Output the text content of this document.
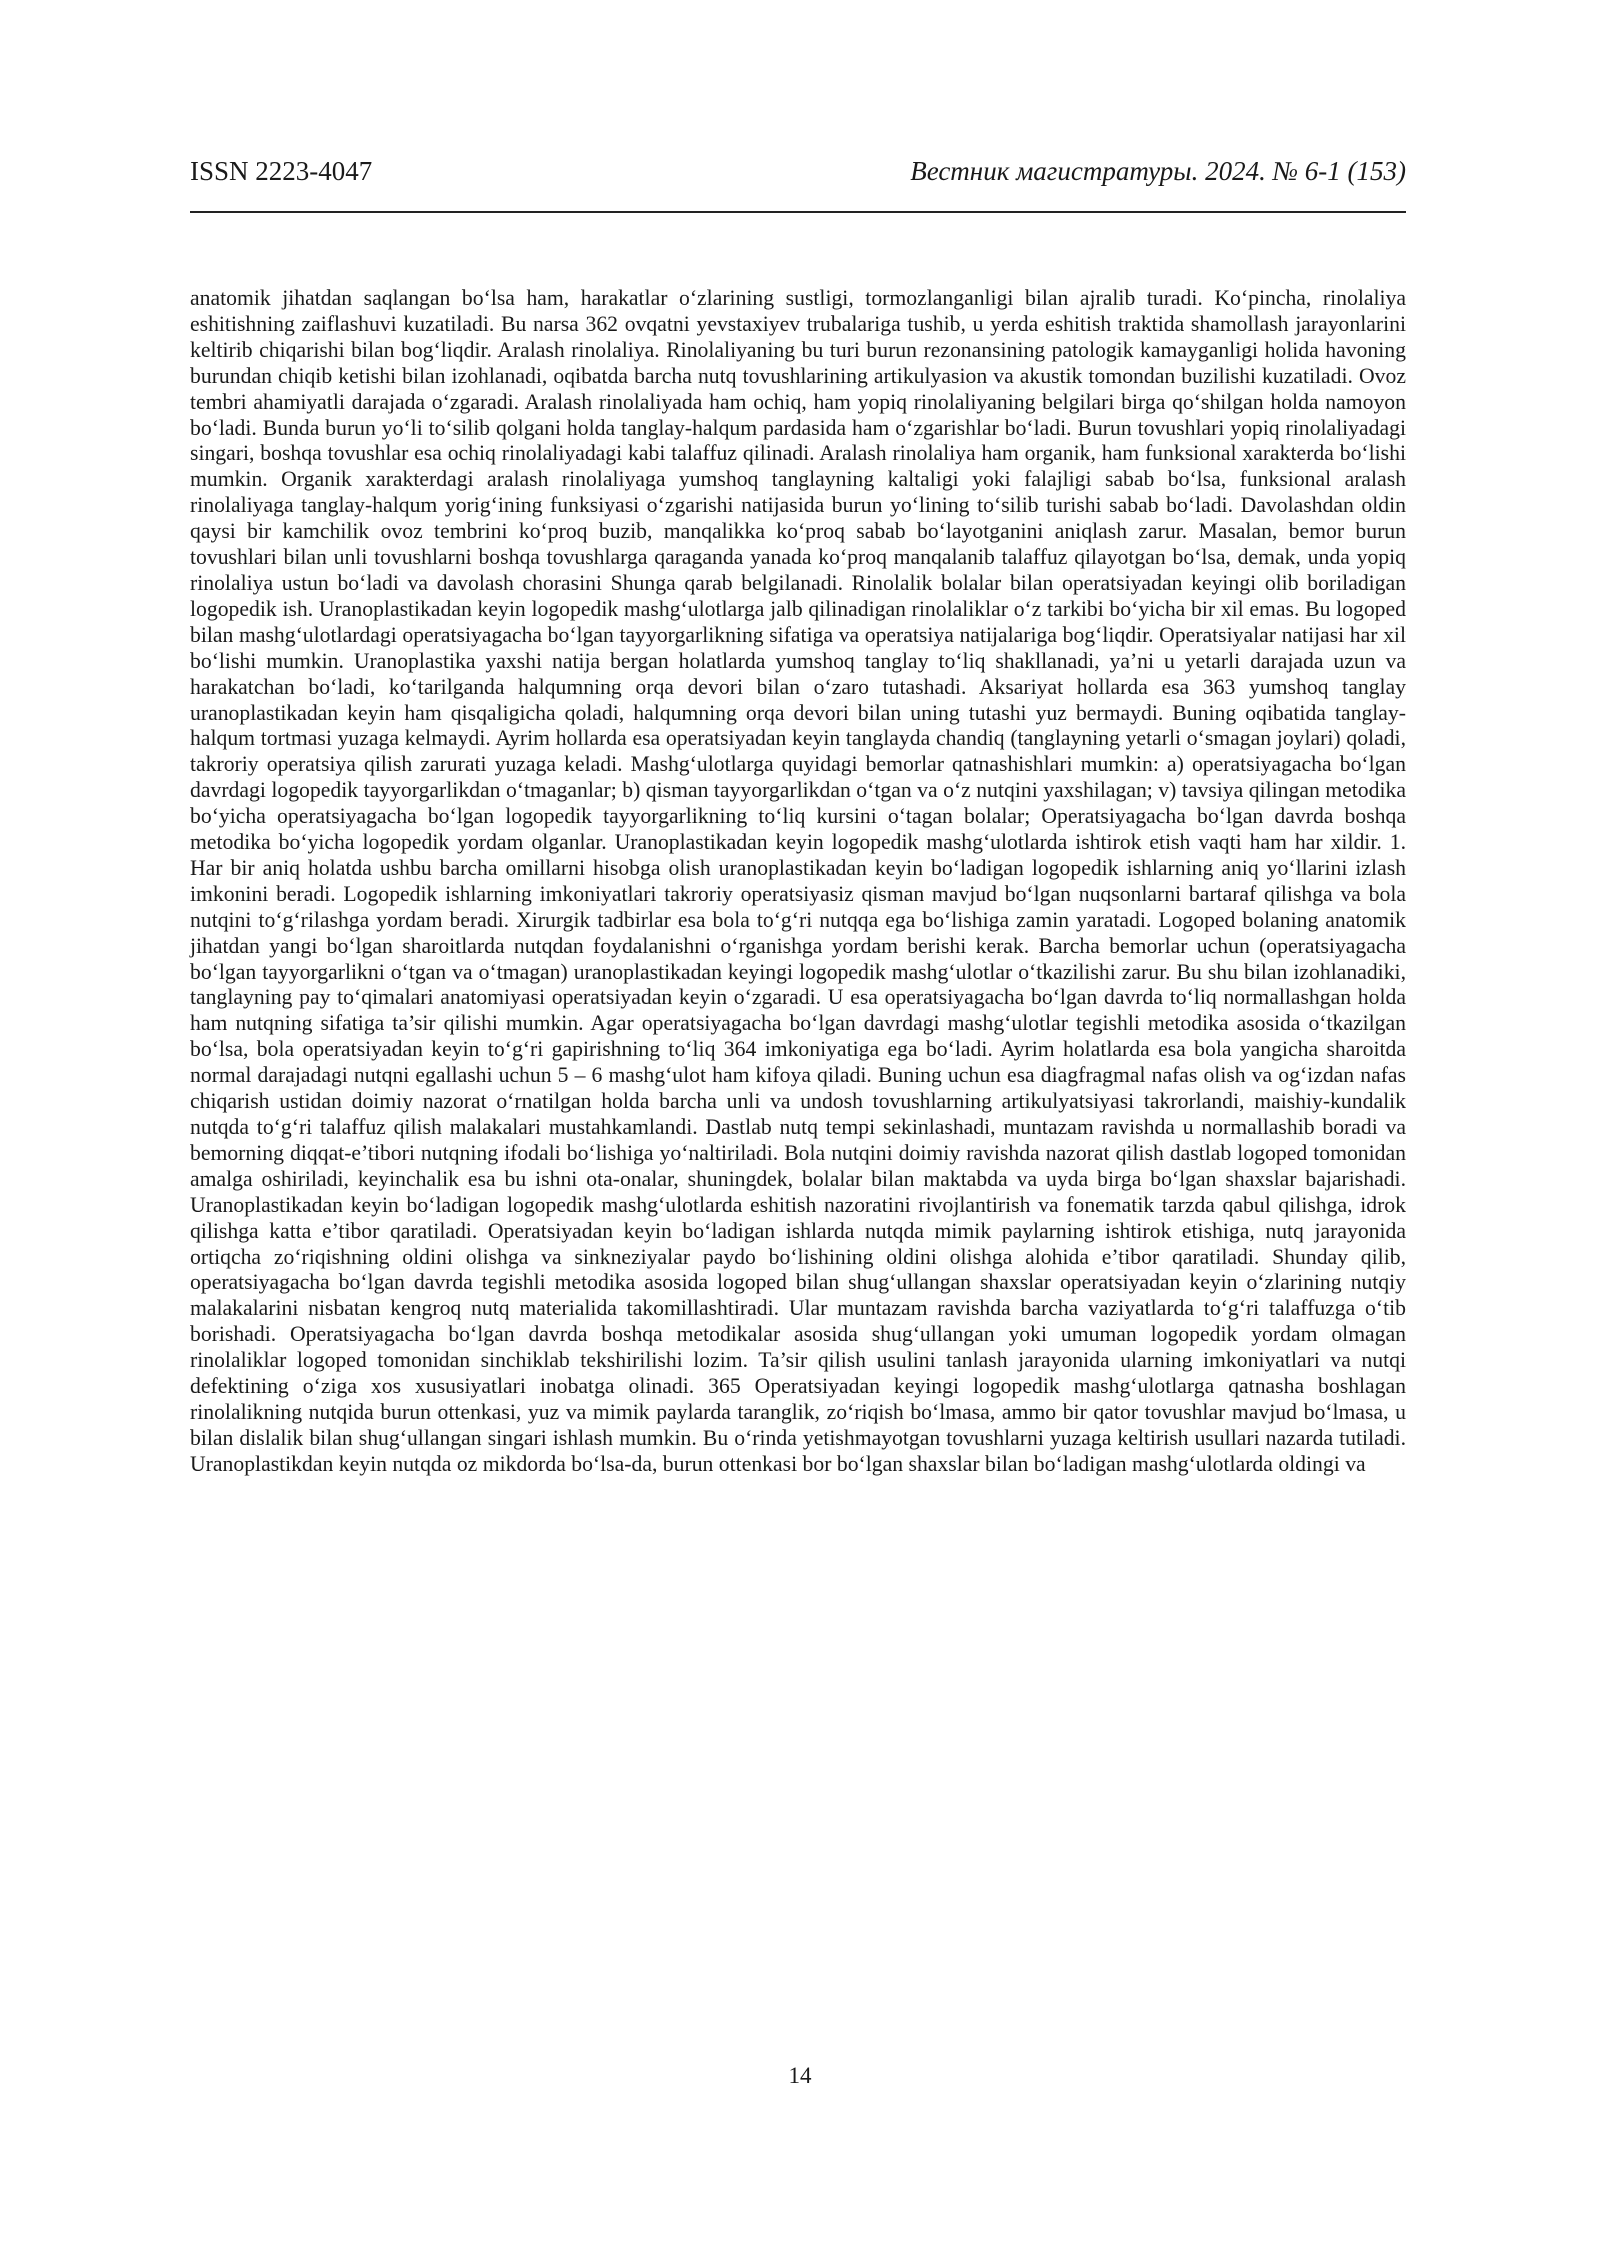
ISSN 2223-4047	Вестник магистратуры. 2024. № 6-1 (153)

anatomik jihatdan saqlangan bo‘lsa ham, harakatlar o‘zlarining sustligi, tormozlanganligi bilan ajralib turadi. Ko‘pincha, rinolaliya eshitishning zaiflashuvi kuzatiladi. Bu narsa 362 ovqatni yevstaxiyev trubalariga tushib, u yerda eshitish traktida shamollash jarayonlarini keltirib chiqarishi bilan bog‘liqdir. Aralash rinolaliya. Rinolaliyaning bu turi burun rezonansining patologik kamayganligi holida havoning burundan chiqib ketishi bilan izohlanadi, oqibatda barcha nutq tovushlarining artikulyasion va akustik tomondan buzilishi kuzatiladi. Ovoz tembri ahamiyatli darajada o‘zgaradi. Aralash rinolaliyada ham ochiq, ham yopiq rinolaliyaning belgilari birga qo‘shilgan holda namoyon bo‘ladi. Bunda burun yo‘li to‘silib qolgani holda tanglay-halqum pardasida ham o‘zgarishlar bo‘ladi. Burun tovushlari yopiq rinolaliyadagi singari, boshqa tovushlar esa ochiq rinolaliyadagi kabi talaffuz qilinadi. Aralash rinolaliya ham organik, ham funksional xarakterda bo‘lishi mumkin. Organik xarakterdagi aralash rinolaliyaga yumshoq tanglayning kaltaligi yoki falajligi sabab bo‘lsa, funksional aralash rinolaliyaga tanglay-halqum yorig‘ining funksiyasi o‘zgarishi natijasida burun yo‘lining to‘silib turishi sabab bo‘ladi. Davolashdan oldin qaysi bir kamchilik ovoz tembrini ko‘proq buzib, manqalikka ko‘proq sabab bo‘layotganini aniqlash zarur. Masalan, bemor burun tovushlari bilan unli tovushlarni boshqa tovushlarga qaraganda yanada ko‘proq manqalanib talaffuz qilayotgan bo‘lsa, demak, unda yopiq rinolaliya ustun bo‘ladi va davolash chorasini Shunga qarab belgilanadi. Rinolalik bolalar bilan operatsiyadan keyingi olib boriladigan logopedik ish. Uranoplastikadan keyin logopedik mashg‘ulotlarga jalb qilinadigan rinolaliklar o‘z tarkibi bo‘yicha bir xil emas. Bu logoped bilan mashg‘ulotlardagi operatsiyagacha bo‘lgan tayyorgarlikning sifatiga va operatsiya natijalariga bog‘liqdir. Operatsiyalar natijasi har xil bo‘lishi mumkin. Uranoplastika yaxshi natija bergan holatlarda yumshoq tanglay to‘liq shakllanadi, ya’ni u yetarli darajada uzun va harakatchan bo‘ladi, ko‘tarilganda halqumning orqa devori bilan o‘zaro tutashadi. Aksariyat hollarda esa 363 yumshoq tanglay uranoplastikadan keyin ham qisqaligicha qoladi, halqumning orqa devori bilan uning tutashi yuz bermaydi. Buning oqibatida tanglay-halqum tortmasi yuzaga kelmaydi. Ayrim hollarda esa operatsiyadan keyin tanglayda chandiq (tanglayning yetarli o‘smagan joylari) qoladi, takroriy operatsiya qilish zarurati yuzaga keladi. Mashg‘ulotlarga quyidagi bemorlar qatnashishlari mumkin: a) operatsiyagacha bo‘lgan davrdagi logopedik tayyorgarlikdan o‘tmaganlar; b) qisman tayyorgarlikdan o‘tgan va o‘z nutqini yaxshilagan; v) tavsiya qilingan metodika bo‘yicha operatsiyagacha bo‘lgan logopedik tayyorgarlikning to‘liq kursini o‘tagan bolalar; Operatsiyagacha bo‘lgan davrda boshqa metodika bo‘yicha logopedik yordam olganlar. Uranoplastikadan keyin logopedik mashg‘ulotlarda ishtirok etish vaqti ham har xildir. 1. Har bir aniq holatda ushbu barcha omillarni hisobga olish uranoplastikadan keyin bo‘ladigan logopedik ishlarning aniq yo‘llarini izlash imkonini beradi. Logopedik ishlarning imkoniyatlari takroriy operatsiyasiz qisman mavjud bo‘lgan nuqsonlarni bartaraf qilishga va bola nutqini to‘g‘rilashga yordam beradi. Xirurgik tadbirlar esa bola to‘g‘ri nutqqa ega bo‘lishiga zamin yaratadi. Logoped bolaning anatomik jihatdan yangi bo‘lgan sharoitlarda nutqdan foydalanishni o‘rganishga yordam berishi kerak. Barcha bemorlar uchun (operatsiyagacha bo‘lgan tayyorgarlikni o‘tgan va o‘tmagan) uranoplastikadan keyingi logopedik mashg‘ulotlar o‘tkazilishi zarur. Bu shu bilan izohlanadiki, tanglayning pay to‘qimalari anatomiyasi operatsiyadan keyin o‘zgaradi. U esa operatsiyagacha bo‘lgan davrda to‘liq normallashgan holda ham nutqning sifatiga ta’sir qilishi mumkin. Agar operatsiyagacha bo‘lgan davrdagi mashg‘ulotlar tegishli metodika asosida o‘tkazilgan bo‘lsa, bola operatsiyadan keyin to‘g‘ri gapirishning to‘liq 364 imkoniyatiga ega bo‘ladi. Ayrim holatlarda esa bola yangicha sharoitda normal darajadagi nutqni egallashi uchun 5 – 6 mashg‘ulot ham kifoya qiladi. Buning uchun esa diagfragmal nafas olish va og‘izdan nafas chiqarish ustidan doimiy nazorat o‘rnatilgan holda barcha unli va undosh tovushlarning artikulyatsiyasi takrorlandi, maishiy-kundalik nutqda to‘g‘ri talaffuz qilish malakalari mustahkamlandi. Dastlab nutq tempi sekinlashadi, muntazam ravishda u normallashib boradi va bemorning diqqat-e’tibori nutqning ifodali bo‘lishiga yo‘naltiriladi. Bola nutqini doimiy ravishda nazorat qilish dastlab logoped tomonidan amalga oshiriladi, keyinchalik esa bu ishni ota-onalar, shuningdek, bolalar bilan maktabda va uyda birga bo‘lgan shaxslar bajarishadi. Uranoplastikadan keyin bo‘ladigan logopedik mashg‘ulotlarda eshitish nazoratini rivojlantirish va fonematik tarzda qabul qilishga, idrok qilishga katta e’tibor qaratiladi. Operatsiyadan keyin bo‘ladigan ishlarda nutqda mimik paylarning ishtirok etishiga, nutq jarayonida ortiqcha zo‘riqishning oldini olishga va sinkneziyalar paydo bo‘lishining oldini olishga alohida e’tibor qaratiladi. Shunday qilib, operatsiyagacha bo‘lgan davrda tegishli metodika asosida logoped bilan shug‘ullangan shaxslar operatsiyadan keyin o‘zlarining nutqiy malakalarini nisbatan kengroq nutq materialida takomillashtiradi. Ular muntazam ravishda barcha vaziyatlarda to‘g‘ri talaffuzga o‘tib borishadi. Operatsiyagacha bo‘lgan davrda boshqa metodikalar asosida shug‘ullangan yoki umuman logopedik yordam olmagan rinolaliklar logoped tomonidan sinchiklab tekshirilishi lozim. Ta’sir qilish usulini tanlash jarayonida ularning imkoniyatlari va nutqi defektining o‘ziga xos xususiyatlari inobatga olinadi. 365 Operatsiyadan keyingi logopedik mashg‘ulotlarga qatnasha boshlagan rinolalikning nutqida burun ottenkasi, yuz va mimik paylarda taranglik, zo‘riqish bo‘lmasa, ammo bir qator tovushlar mavjud bo‘lmasa, u bilan dislalik bilan shug‘ullangan singari ishlash mumkin. Bu o‘rinda yetishmayotgan tovushlarni yuzaga keltirish usullari nazarda tutiladi. Uranoplastikdan keyin nutqda oz mikdorda bo‘lsa-da, burun ottenkasi bor bo‘lgan shaxslar bilan bo‘ladigan mashg‘ulotlarda oldingi va

14
